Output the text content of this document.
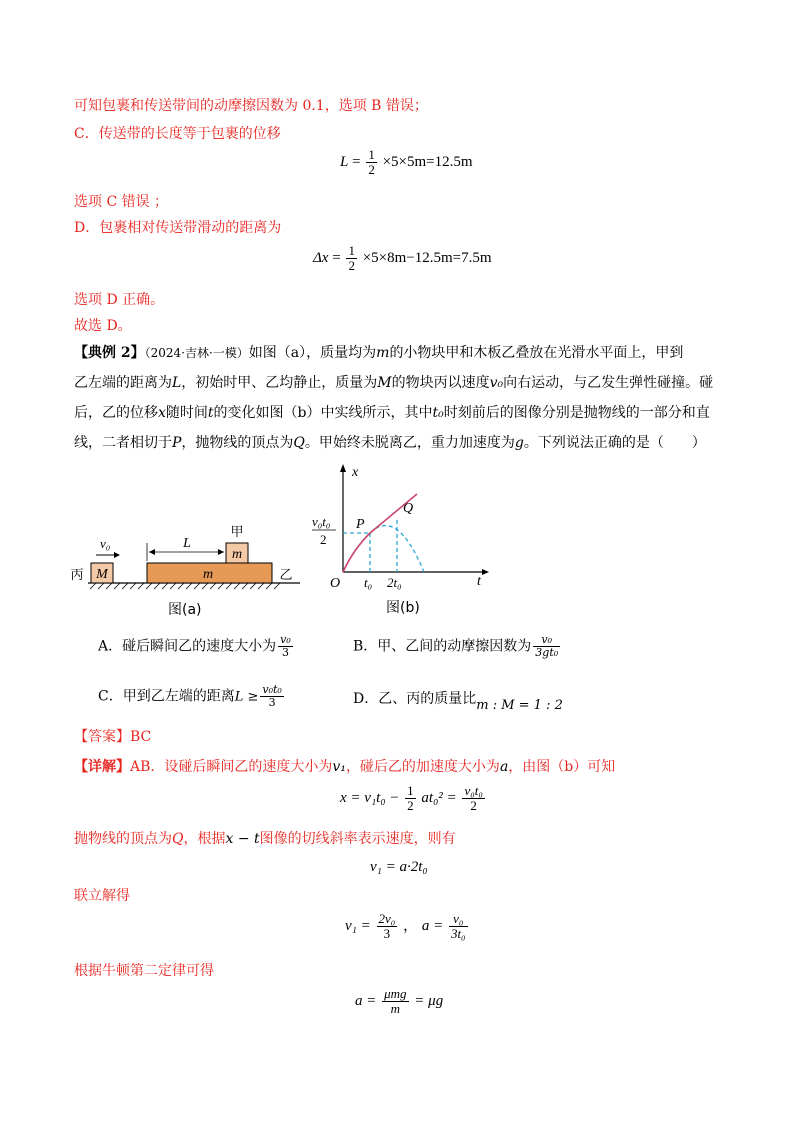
可知包裹和传送带间的动摩擦因数为 0.1，选项 B 错误；
C．传送带的长度等于包裹的位移
$L = \frac{1}{2} \times 5\times 5m=12.5m$
选项 C 错误 ；
D．包裹相对传送带滑动的距离为
$\Delta x = \frac{1}{2} \times 5\times 8m-12.5m=7.5m$
选项 D 正确。
故选 D。
【典例 2】（2024·吉林·一模）如图（a），质量均为m的小物块甲和木板乙叠放在光滑水平面上，甲到
乙左端的距离为L，初始时甲、乙均静止，质量为M的物块丙以速度v₀向右运动，与乙发生弹性碰撞。碰
后，乙的位移x随时间t的变化如图（b）中实线所示，其中t₀时刻前后的图像分别是抛物线的一部分和直
线，二者相切于P，抛物线的顶点为Q。甲始终未脱离乙，重力加速度为g。下列说法正确的是（　　）
M
丙
v₀
m	乙
m
甲
L
图(a)
x
t
O
P
Q
t₀ 2t₀
v₀t₀
2
图(b)
A．碰后瞬间乙的速度大小为 $\frac{\text{v₀}}{3}$	B．甲、乙间的动摩擦因数为 $\frac{\text{v₀}}{\text{3gt₀}}$
C．甲到乙左端的距离$L \ge \frac{\text{v₀t₀}}{3}$	D．乙、丙的质量比m : M = 1 : 2
【答案】BC
【详解】AB．设碰后瞬间乙的速度大小为v₁，碰后乙的加速度大小为a，由图（b）可知
$x = v_1t_0 - \frac{1}{2} at_0^2 = \frac{\text{v₀t₀}}{2}$
抛物线的顶点为Q，根据x − t图像的切线斜率表示速度，则有
v₁ = a·2t₀
联立解得
$v_1 = \frac{\text{2v₀}}{3}$ ， $a = \frac{\text{v₀}}{\text{3t₀}}$
根据牛顿第二定律可得
$a = \frac{\text{μmg}}{m} = \mu g$
